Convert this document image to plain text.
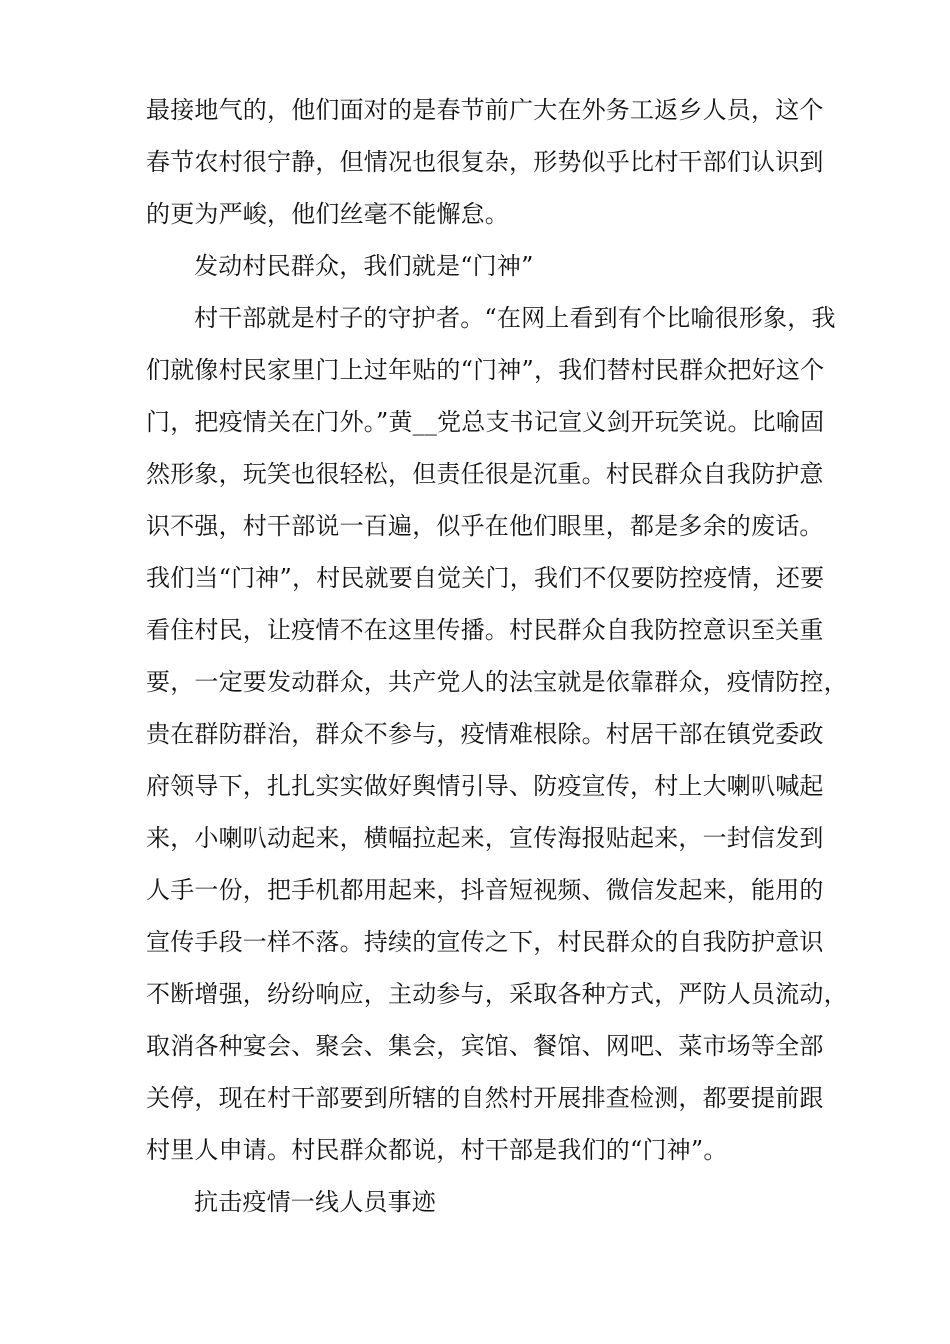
最接地气的，他们面对的是春节前广大在外务工返乡人员，这个
春节农村很宁静，但情况也很复杂，形势似乎比村干部们认识到
的更为严峻，他们丝毫不能懈怠。
发动村民群众，我们就是“门神”
村干部就是村子的守护者。“在网上看到有个比喻很形象，我
们就像村民家里门上过年贴的“门神”，我们替村民群众把好这个
门，把疫情关在门外。”黄__党总支书记宣义剑开玩笑说。比喻固
然形象，玩笑也很轻松，但责任很是沉重。村民群众自我防护意
识不强，村干部说一百遍，似乎在他们眼里，都是多余的废话。
我们当“门神”，村民就要自觉关门，我们不仅要防控疫情，还要
看住村民，让疫情不在这里传播。村民群众自我防控意识至关重
要，一定要发动群众，共产党人的法宝就是依靠群众，疫情防控，
贵在群防群治，群众不参与，疫情难根除。村居干部在镇党委政
府领导下，扎扎实实做好舆情引导、防疫宣传，村上大喇叭喊起
来，小喇叭动起来，横幅拉起来，宣传海报贴起来，一封信发到
人手一份，把手机都用起来，抖音短视频、微信发起来，能用的
宣传手段一样不落。持续的宣传之下，村民群众的自我防护意识
不断增强，纷纷响应，主动参与，采取各种方式，严防人员流动，
取消各种宴会、聚会、集会，宾馆、餐馆、网吧、菜市场等全部
关停，现在村干部要到所辖的自然村开展排查检测，都要提前跟
村里人申请。村民群众都说，村干部是我们的“门神”。
抗击疫情一线人员事迹
